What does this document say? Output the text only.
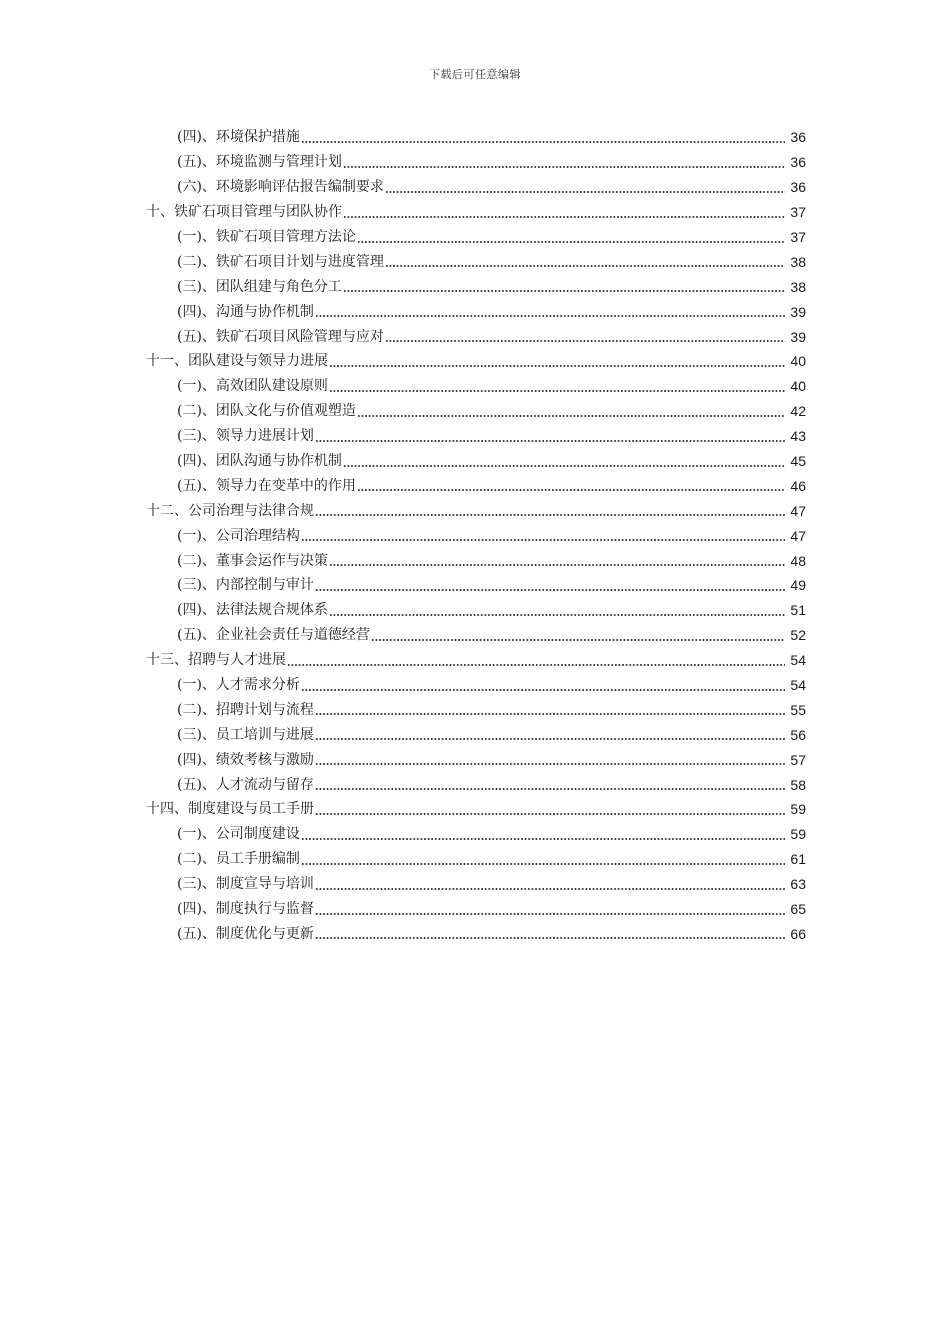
下载后可任意编辑
(四)、环境保护措施	36
(五)、环境监测与管理计划	36
(六)、环境影响评估报告编制要求	36
十、铁矿石项目管理与团队协作	37
(一)、铁矿石项目管理方法论	37
(二)、铁矿石项目计划与进度管理	38
(三)、团队组建与角色分工	38
(四)、沟通与协作机制	39
(五)、铁矿石项目风险管理与应对	39
十一、团队建设与领导力进展	40
(一)、高效团队建设原则	40
(二)、团队文化与价值观塑造	42
(三)、领导力进展计划	43
(四)、团队沟通与协作机制	45
(五)、领导力在变革中的作用	46
十二、公司治理与法律合规	47
(一)、公司治理结构	47
(二)、董事会运作与决策	48
(三)、内部控制与审计	49
(四)、法律法规合规体系	51
(五)、企业社会责任与道德经营	52
十三、招聘与人才进展	54
(一)、人才需求分析	54
(二)、招聘计划与流程	55
(三)、员工培训与进展	56
(四)、绩效考核与激励	57
(五)、人才流动与留存	58
十四、制度建设与员工手册	59
(一)、公司制度建设	59
(二)、员工手册编制	61
(三)、制度宣导与培训	63
(四)、制度执行与监督	65
(五)、制度优化与更新	66
